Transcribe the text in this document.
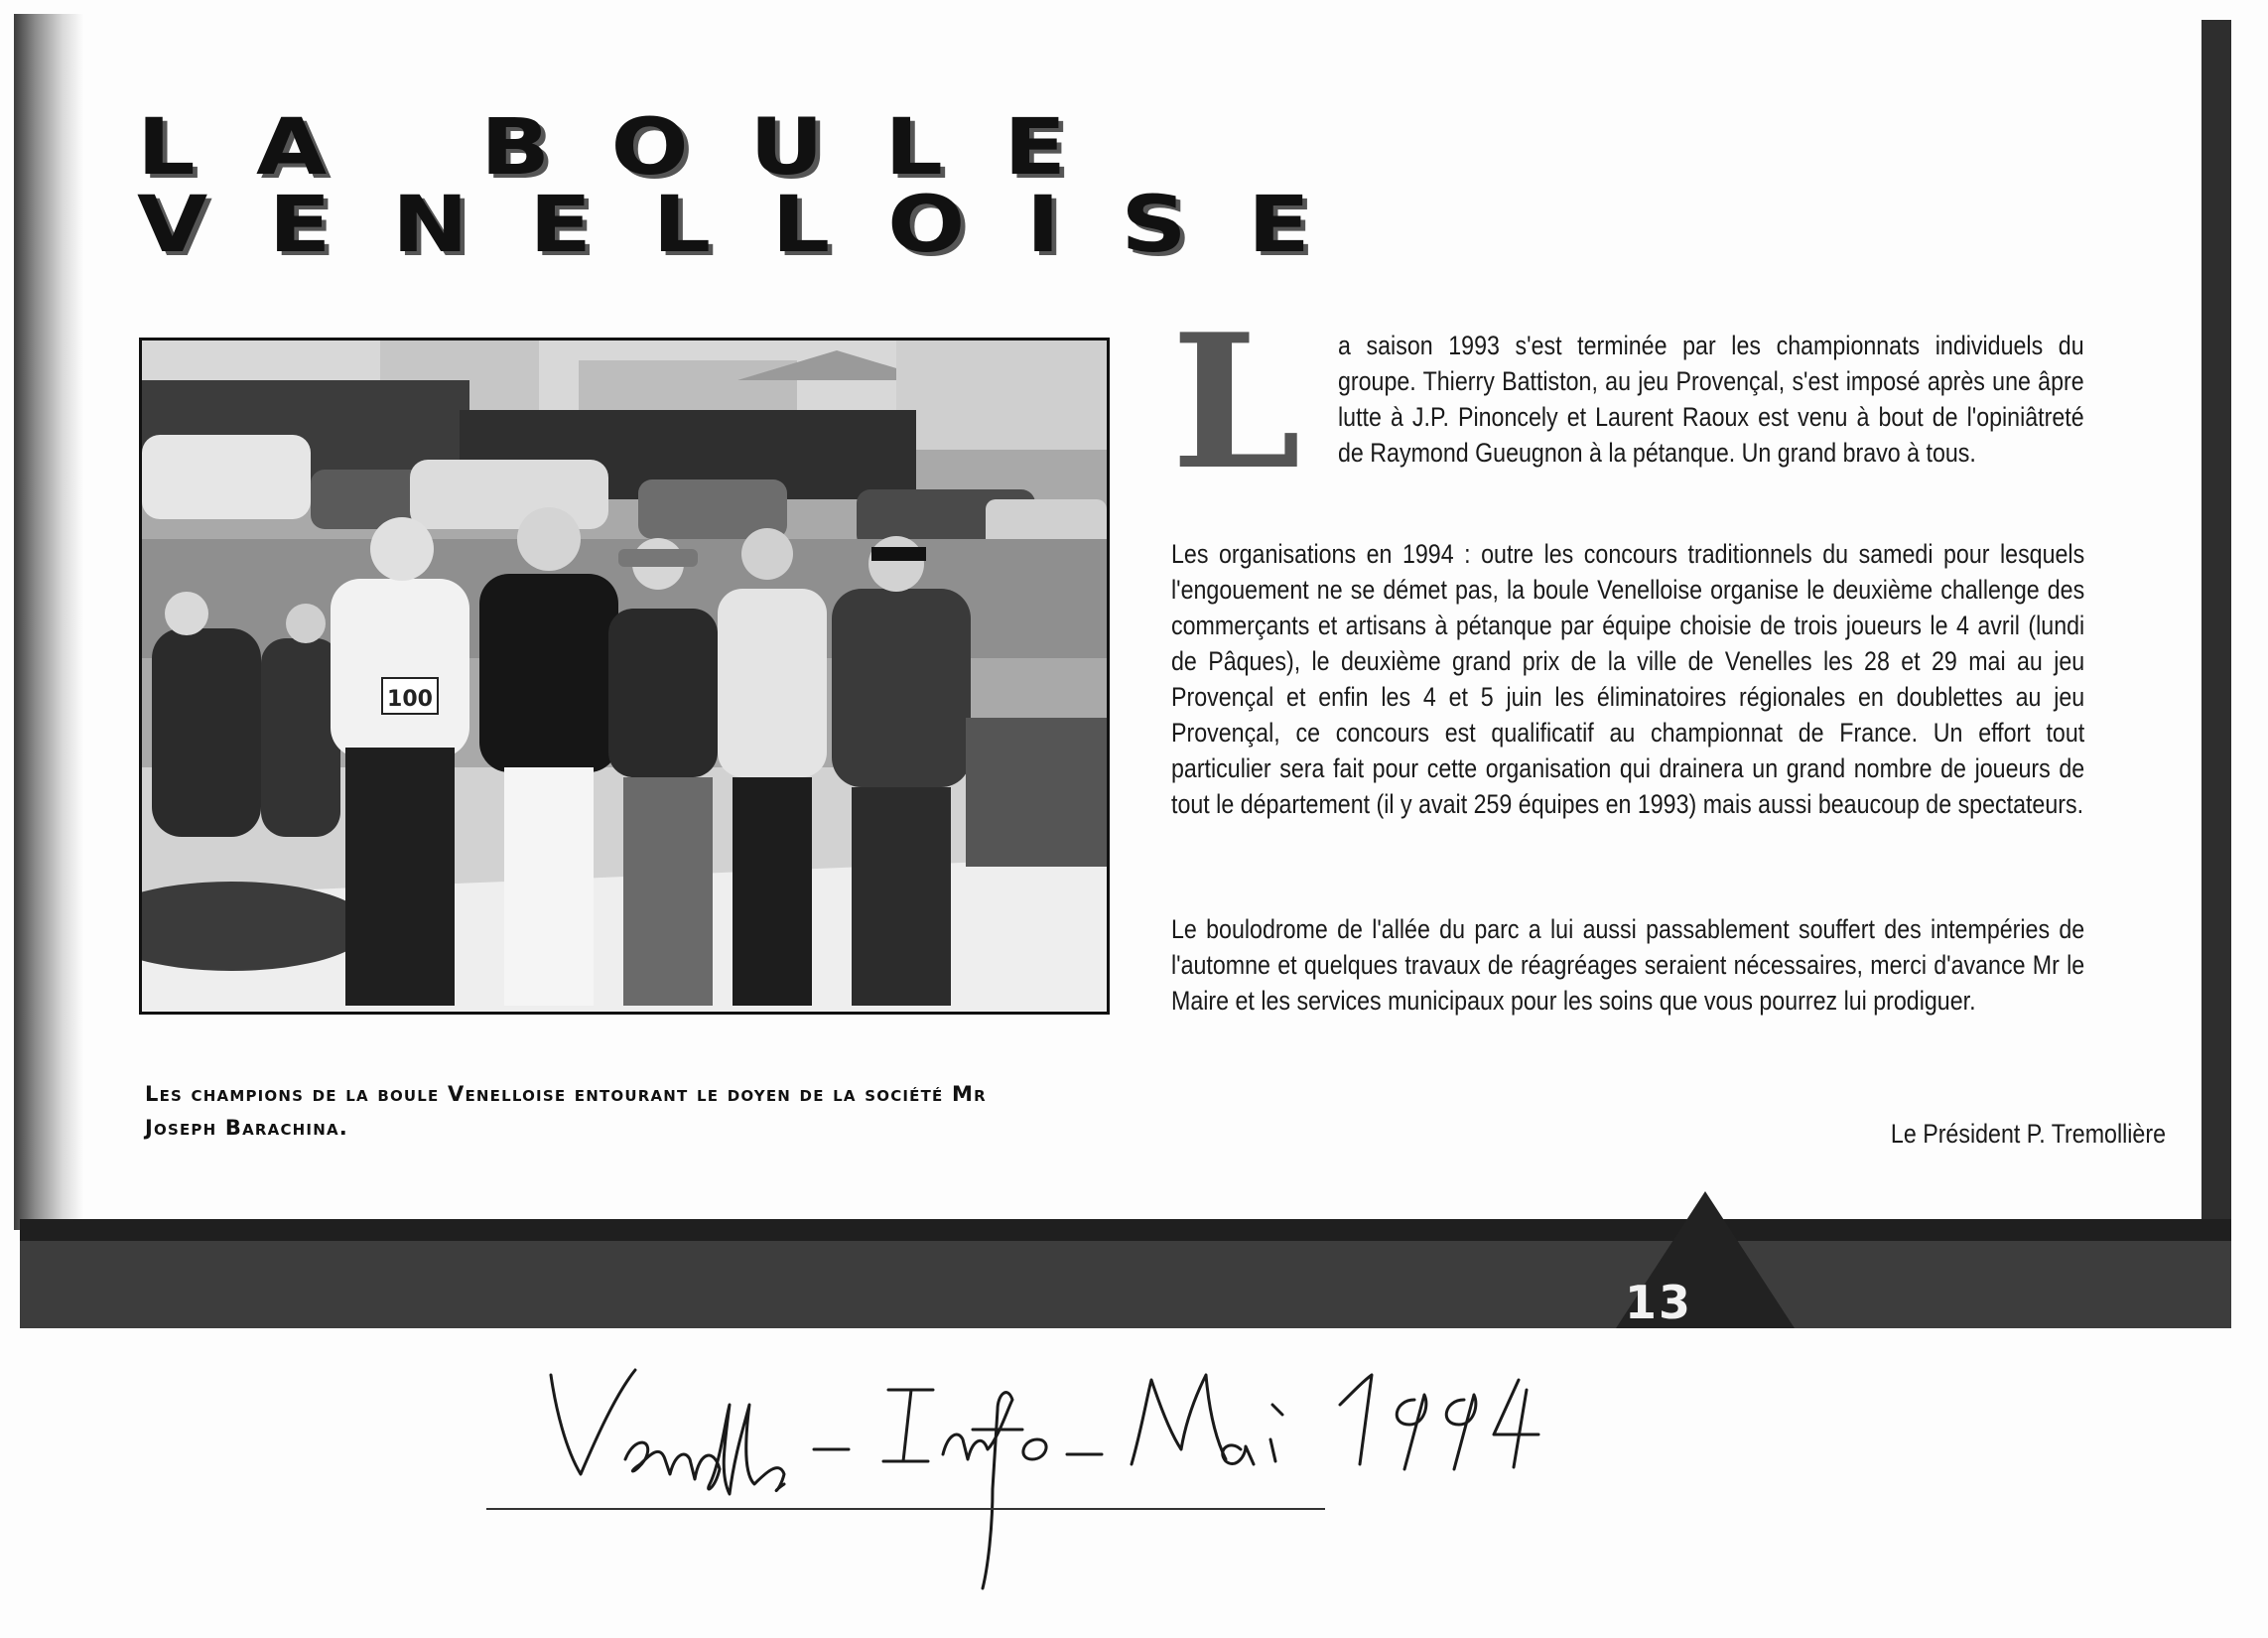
LA BOULE
VENELLOISE
100

Les champions de la boule Venelloise entourant le doyen de la société Mr Joseph Barachina.

L a saison 1993 s'est terminée par les championnats individuels du groupe. Thierry Battiston, au jeu Provençal, s'est imposé après une âpre lutte à J.P. Pinoncely et Laurent Raoux est venu à bout de l'opiniâtreté de Raymond Gueugnon à la pétanque. Un grand bravo à tous.

Les organisations en 1994 : outre les concours traditionnels du samedi pour lesquels l'engouement ne se démet pas, la boule Venelloise organise le deuxième challenge des commerçants et artisans à pétanque par équipe choisie de trois joueurs le 4 avril (lundi de Pâques), le deuxième grand prix de la ville de Venelles les 28 et 29 mai au jeu Provençal et enfin les 4 et 5 juin les éliminatoires régionales en doublettes au jeu Provençal, ce concours est qualificatif au championnat de France. Un effort tout particulier sera fait pour cette organisation qui drainera un grand nombre de joueurs de tout le département (il y avait 259 équipes en 1993) mais aussi beaucoup de spectateurs.

Le boulodrome de l'allée du parc a lui aussi passablement souffert des intempéries de l'automne et quelques travaux de réagréages seraient nécessaires, merci d'avance Mr le Maire et les services municipaux pour les soins que vous pourrez lui prodiguer.

Le Président P. Tremollière

13
